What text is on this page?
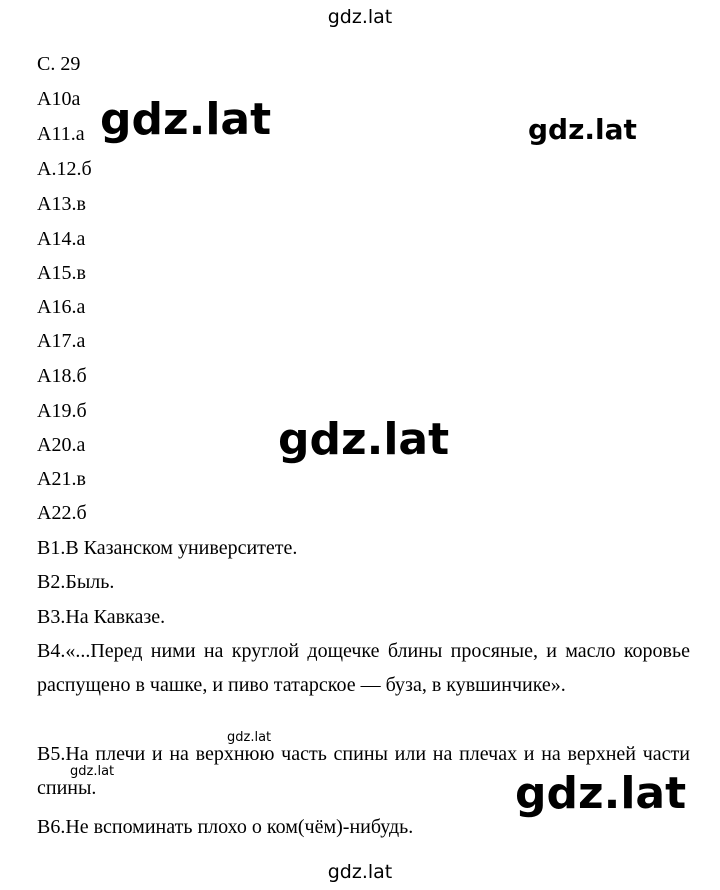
gdz.lat
С. 29
А10а
А11.а
А.12.б
А13.в
А14.а
А15.в
А16.а
А17.а
А18.б
А19.б
А20.а
А21.в
А22.б
В1.В Казанском университете.
В2.Быль.
В3.На Кавказе.
В4.«...Перед ними на круглой дощечке блины просяные, и масло коровье распущено в чашке, и пиво татарское — буза, в кувшинчике».
В5.На плечи и на верхнюю часть спины или на плечах и на верхней части спины.
В6.Не вспоминать плохо о ком(чём)-нибудь.
gdz.lat	gdz.lat
gdz.lat
gdz.lat
gdz.lat	gdz.lat
gdz.lat
